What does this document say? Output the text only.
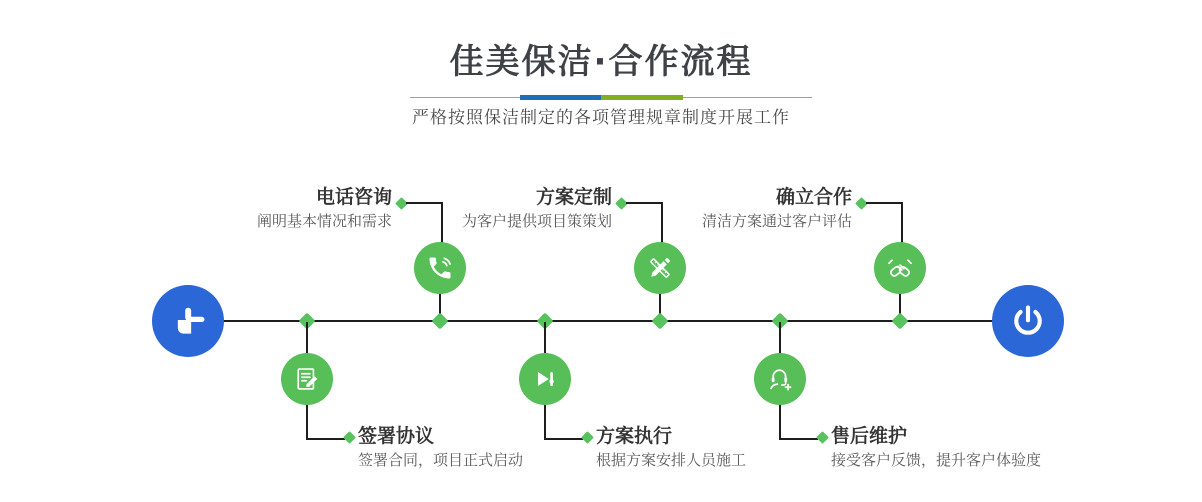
佳美保洁·合作流程
严格按照保洁制定的各项管理规章制度开展工作

电话咨询

阐明基本情况和需求

方案定制

为客户提供项目策策划

确立合作

清洁方案通过客户评估

签署协议

签署合同，项目正式启动

方案执行

根据方案安排人员施工

售后维护

接受客户反馈，提升客户体验度
